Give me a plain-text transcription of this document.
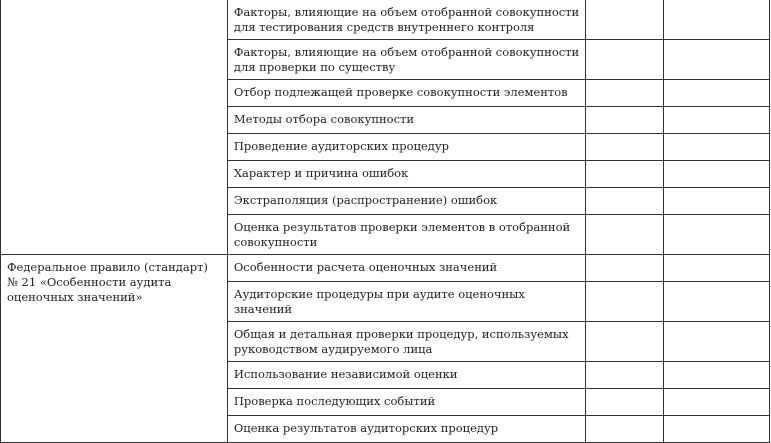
	Факторы, влияющие на объем отобранной совокупности для тестирования средств внутреннего контроля		
	Факторы, влияющие на объем отобранной совокупности для проверки по существу		
	Отбор подлежащей проверке совокупности элементов		
	Методы отбора совокупности		
	Проведение аудиторских процедур		
	Характер и причина ошибок		
	Экстраполяция (распространение) ошибок		
	Оценка результатов проверки элементов в отобранной совокупности		
Федеральное правило (стандарт) № 21 «Особенности аудита оценочных значений»	Особенности расчета оценочных значений		
	Аудиторские процедуры при аудите оценочных значений		
	Общая и детальная проверки процедур, используемых руководством аудируемого лица		
	Использование независимой оценки		
	Проверка последующих событий		
	Оценка результатов аудиторских процедур		
